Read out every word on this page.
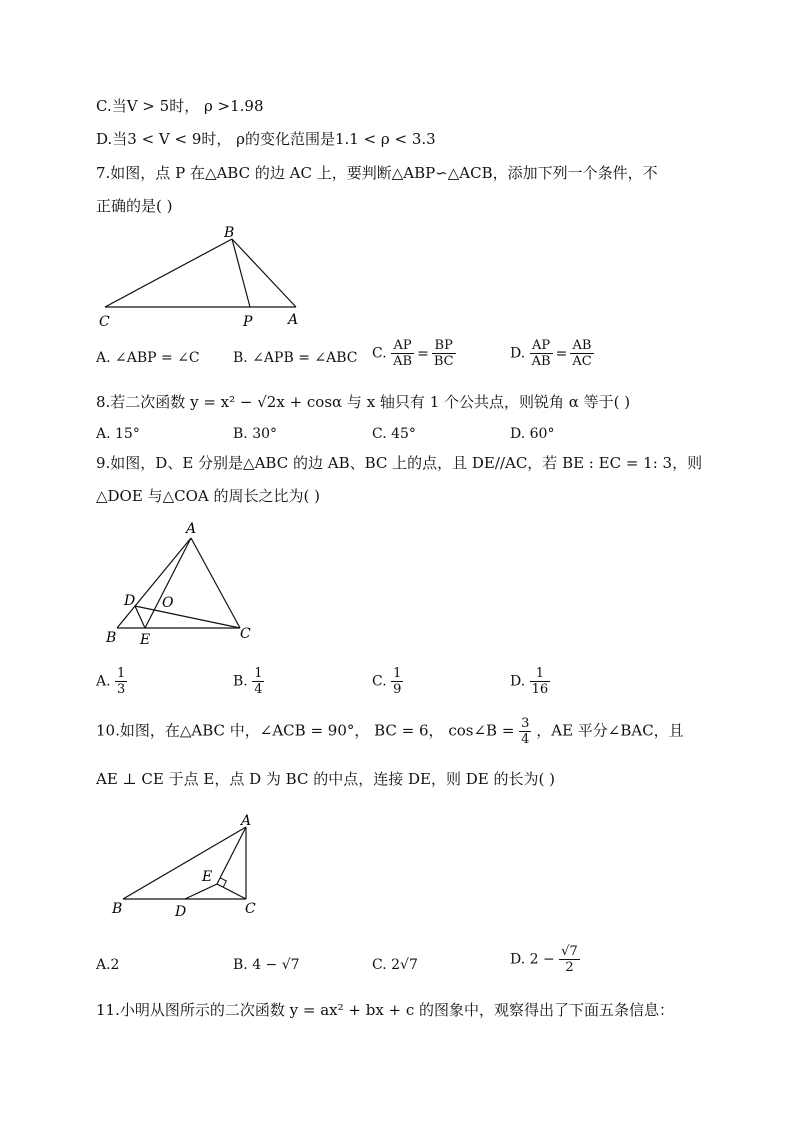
C.当V > 5时， ρ >1.98
D.当3 < V < 9时， ρ的变化范围是1.1 < ρ < 3.3
7.如图，点 P 在△ABC 的边 AC 上，要判断△ABP∽△ACB，添加下列一个条件，不
正确的是( )
B
C	P	A
A. ∠ABP = ∠C B. ∠APB = ∠ABC C. $\frac{AP}{AB} = \frac{BP}{BC}$	D. $\frac{AP}{AB} = \frac{AB}{AC}$
8.若二次函数 y = x² − √2x + cosα 与 x 轴只有 1 个公共点，则锐角 α 等于( )
A. 15°	B. 30°	C. 45°	D. 60°
9.如图，D、E 分别是△ABC 的边 AB、BC 上的点，且 DE//AC，若 BE : EC = 1: 3，则
△DOE 与△COA 的周长之比为( )
A
D O
B E	C
A. $\frac{1}{3}$	B. $\frac{1}{4}$	C. $\frac{1}{9}$	D. $\frac{1}{16}$
10.如图，在△ABC 中，∠ACB = 90°， BC = 6， cos∠B = $\frac{3}{4}$ ，AE 平分∠BAC，且
AE ⊥ CE 于点 E，点 D 为 BC 的中点，连接 DE，则 DE 的长为( )
A
E
B	D	C
A.2	B. 4 − √7	C. 2√7	D. $2 - \frac{√7}{2}$
11.小明从图所示的二次函数 y = ax² + bx + c 的图象中，观察得出了下面五条信息：
